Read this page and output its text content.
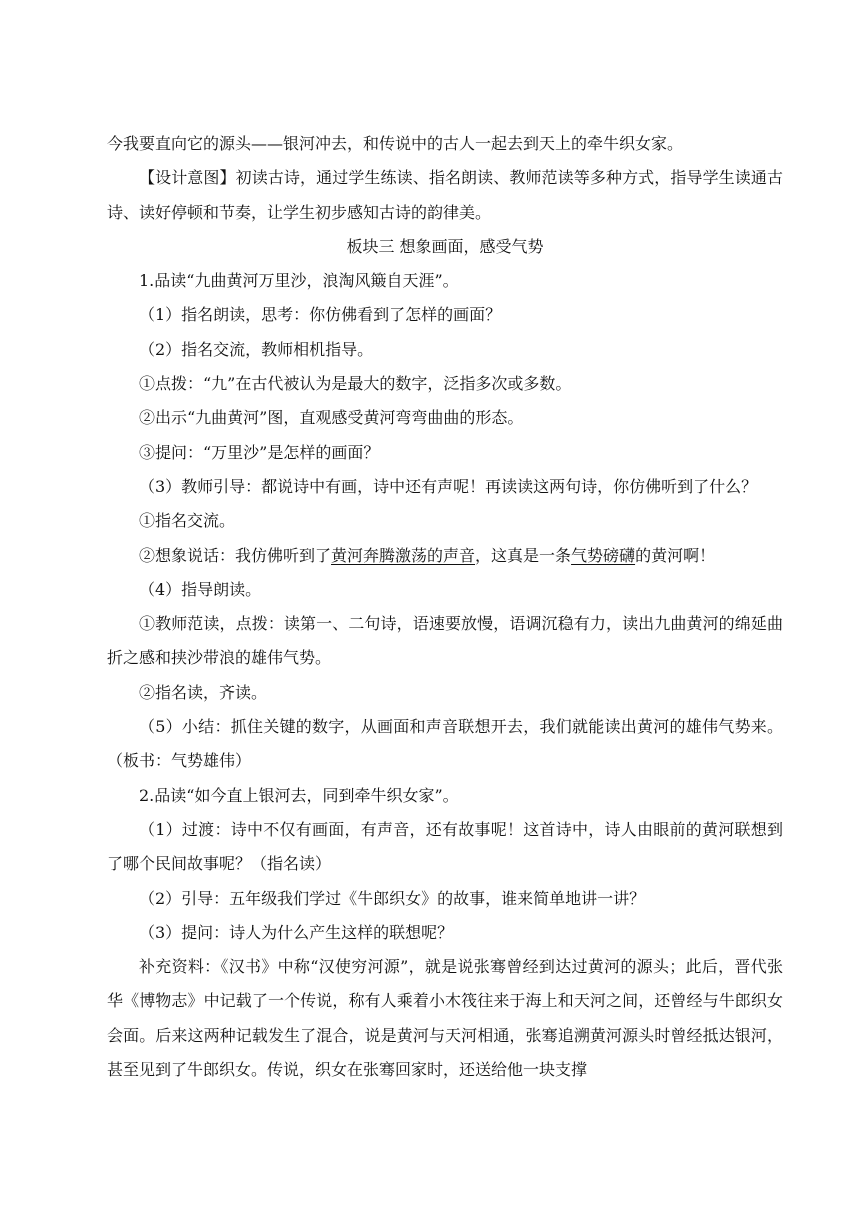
今我要直向它的源头——银河冲去，和传说中的古人一起去到天上的牵牛织女家。

【设计意图】初读古诗，通过学生练读、指名朗读、教师范读等多种方式，指导学生读通古诗、读好停顿和节奏，让学生初步感知古诗的韵律美。

板块三 想象画面，感受气势

1.品读“九曲黄河万里沙，浪淘风簸自天涯”。

（1）指名朗读，思考：你仿佛看到了怎样的画面？

（2）指名交流，教师相机指导。

①点拨：“九”在古代被认为是最大的数字，泛指多次或多数。

②出示“九曲黄河”图，直观感受黄河弯弯曲曲的形态。

③提问：“万里沙”是怎样的画面？

（3）教师引导：都说诗中有画，诗中还有声呢！再读读这两句诗，你仿佛听到了什么？

①指名交流。

②想象说话：我仿佛听到了黄河奔腾激荡的声音，这真是一条气势磅礴的黄河啊！

（4）指导朗读。

①教师范读，点拨：读第一、二句诗，语速要放慢，语调沉稳有力，读出九曲黄河的绵延曲折之感和挟沙带浪的雄伟气势。

②指名读，齐读。

（5）小结：抓住关键的数字，从画面和声音联想开去，我们就能读出黄河的雄伟气势来。（板书：气势雄伟）

2.品读“如今直上银河去，同到牵牛织女家”。

（1）过渡：诗中不仅有画面，有声音，还有故事呢！这首诗中，诗人由眼前的黄河联想到了哪个民间故事呢？（指名读）

（2）引导：五年级我们学过《牛郎织女》的故事，谁来简单地讲一讲？

（3）提问：诗人为什么产生这样的联想呢？

补充资料：《汉书》中称“汉使穷河源”，就是说张骞曾经到达过黄河的源头；此后，晋代张华《博物志》中记载了一个传说，称有人乘着小木筏往来于海上和天河之间，还曾经与牛郎织女会面。后来这两种记载发生了混合，说是黄河与天河相通，张骞追溯黄河源头时曾经抵达银河，甚至见到了牛郎织女。传说，织女在张骞回家时，还送给他一块支撑
